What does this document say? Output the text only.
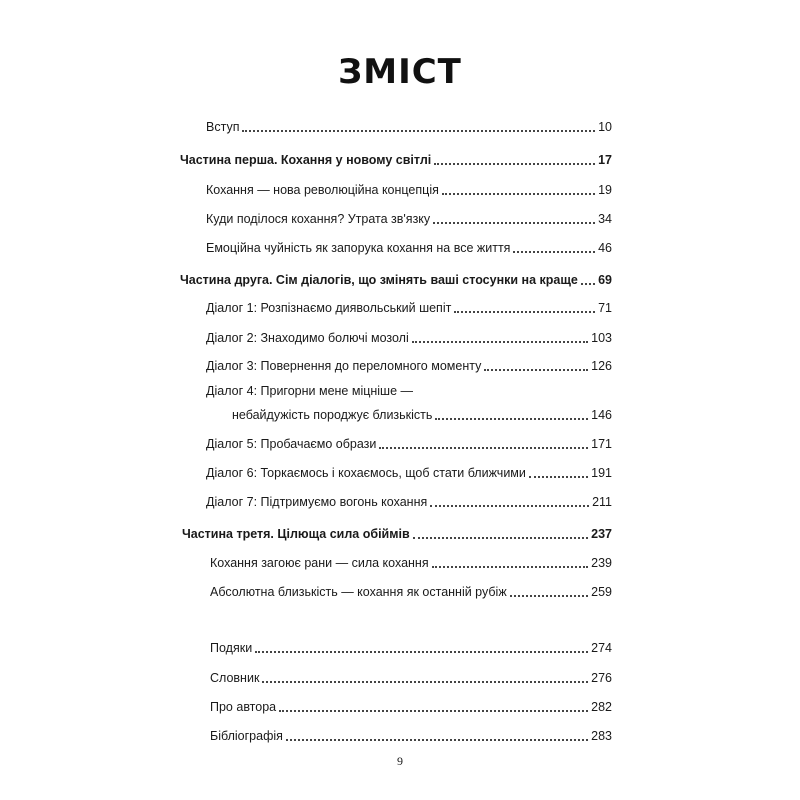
ЗМІСТ
Вступ	10
Частина перша. Кохання у новому світлі	17
Кохання — нова революційна концепція	19
Куди поділося кохання? Утрата зв'язку	34
Емоційна чуйність як запорука кохання на все життя	46
Частина друга. Сім діалогів, що змінять ваші стосунки на краще 69
Діалог 1: Розпізнаємо диявольський шепіт	71
Діалог 2: Знаходимо болючі мозолі	103
Діалог 3: Повернення до переломного моменту	126
Діалог 4: Пригорни мене міцніше —
небайдужість породжує близькість	146
Діалог 5: Пробачаємо образи	171
Діалог 6: Торкаємось і кохаємось, щоб стати ближчими	191
Діалог 7: Підтримуємо вогонь кохання	211
Частина третя. Цілюща сила обіймів	237
Кохання загоює рани — сила кохання	239
Абсолютна близькість — кохання як останній рубіж	259
Подяки	274
Словник	276
Про автора	282
Бібліографія	283
9
